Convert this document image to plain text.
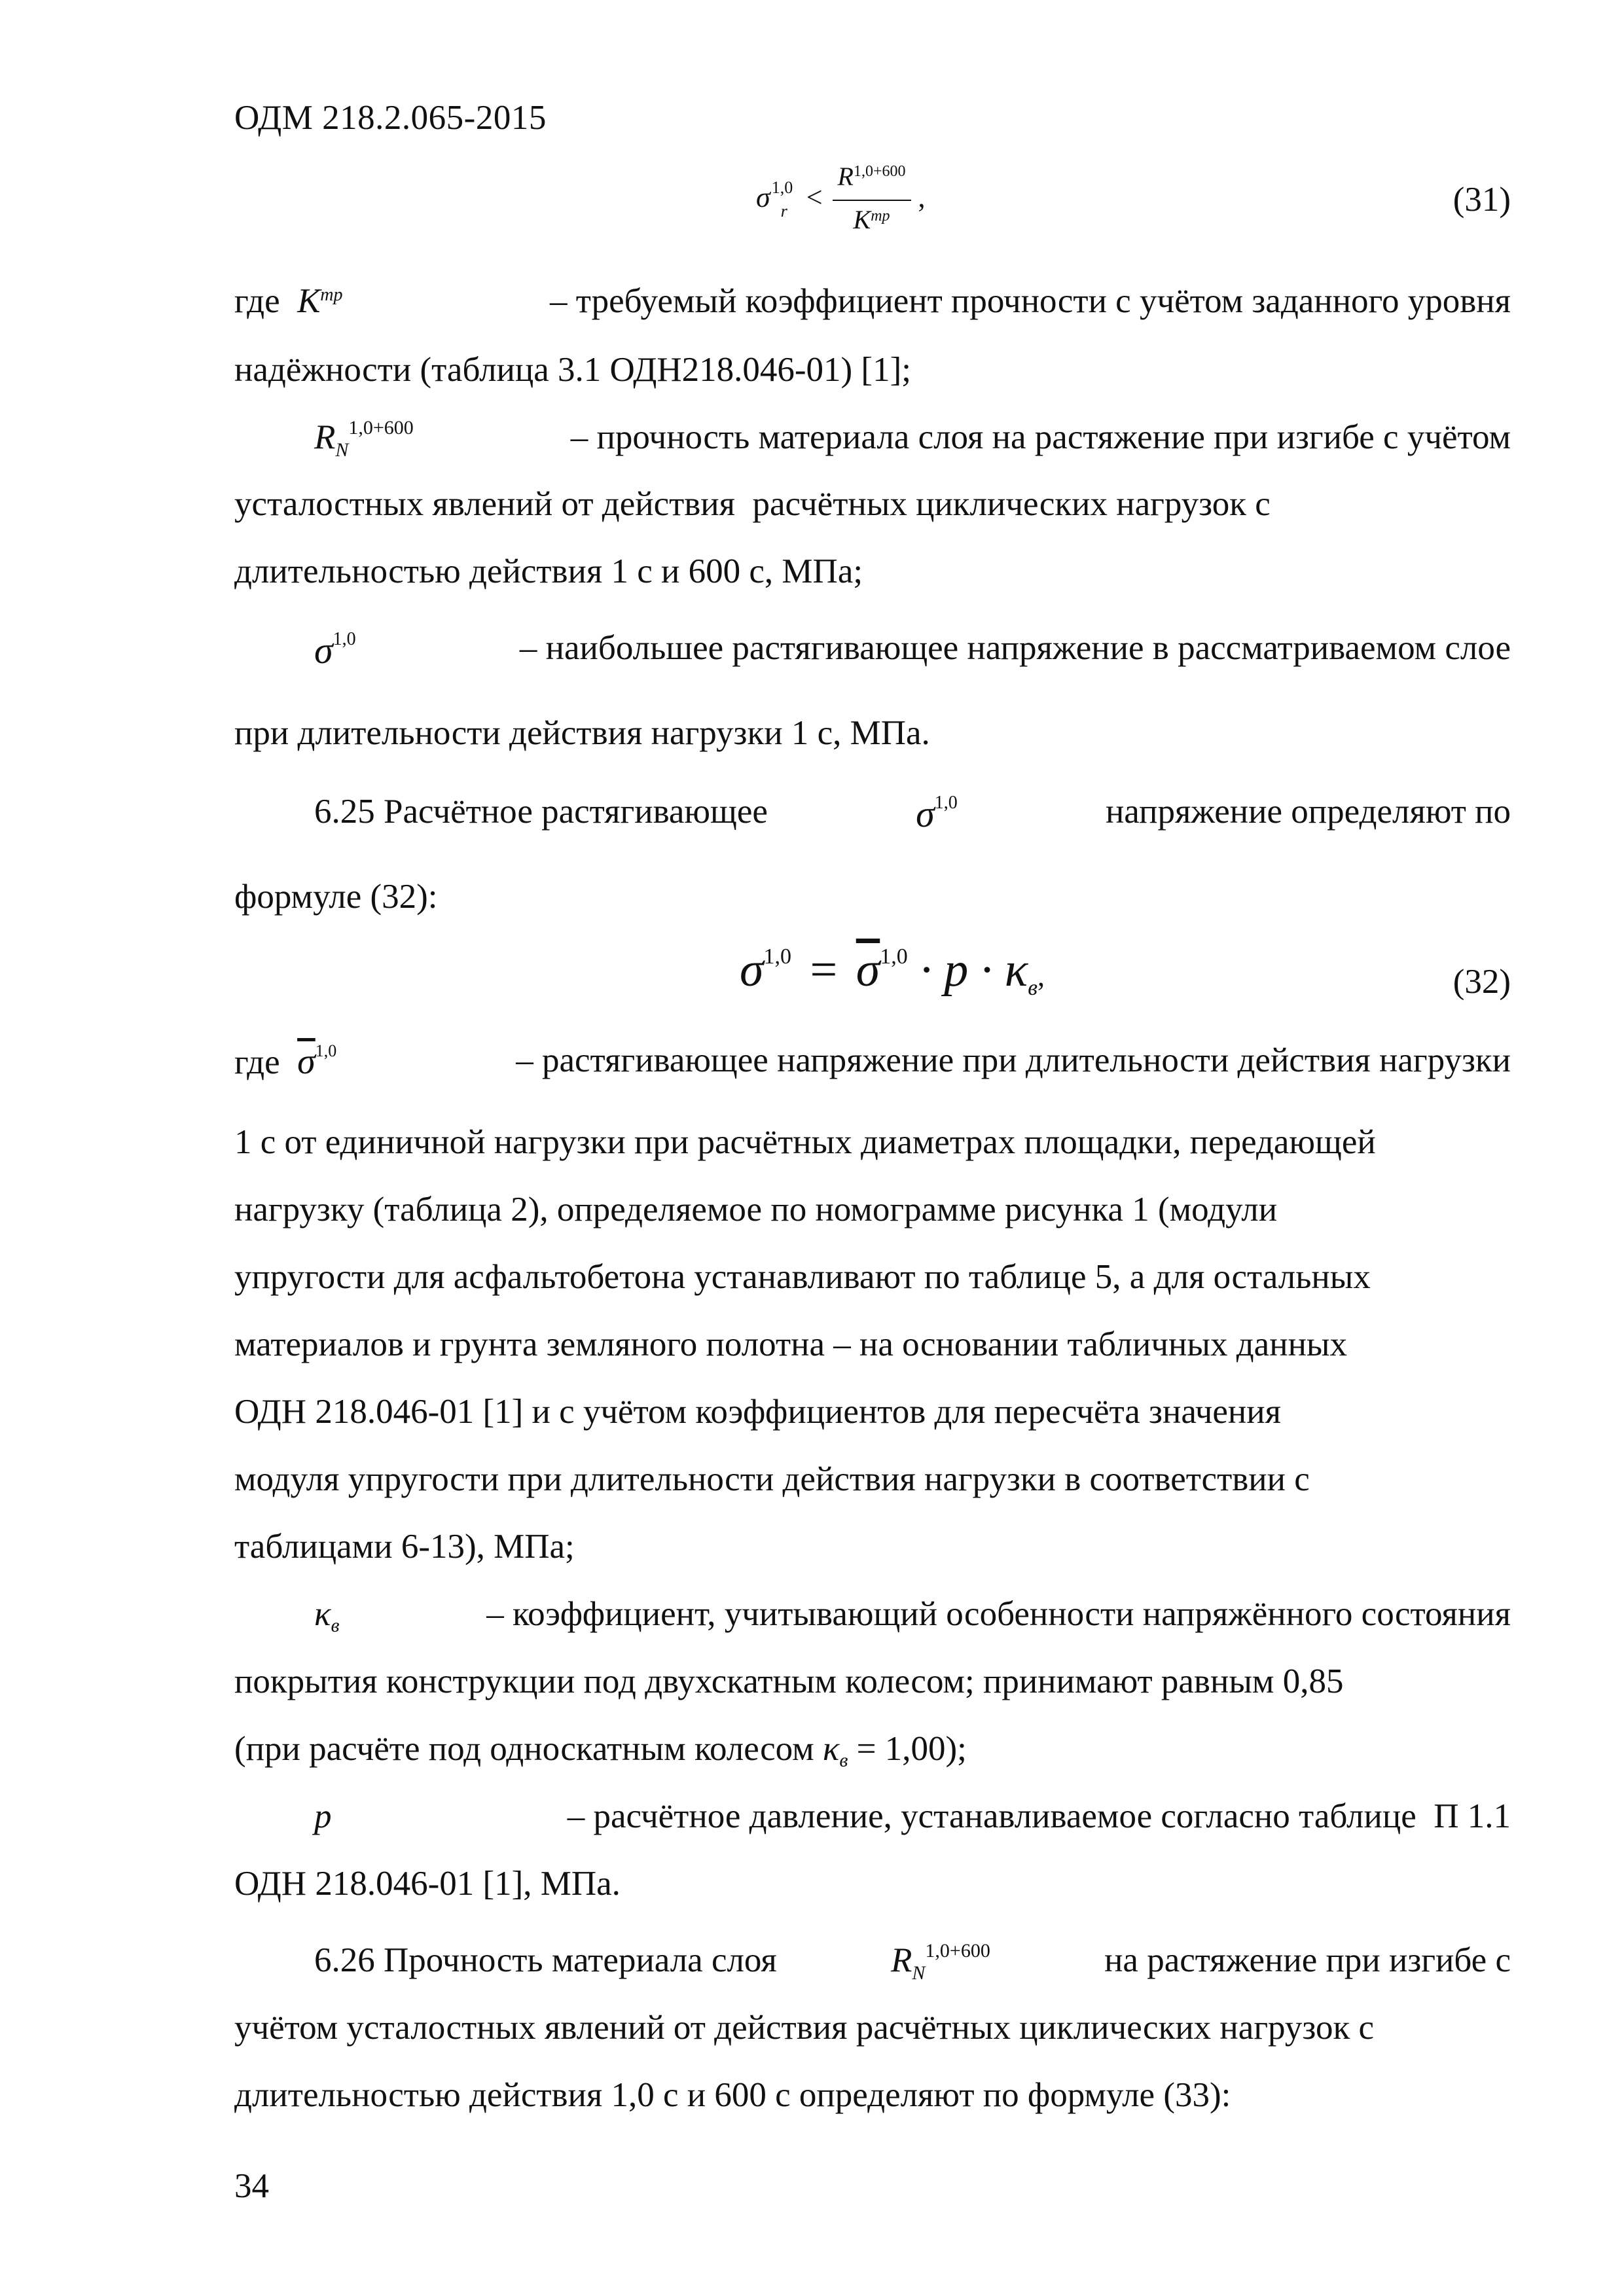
ОДМ 218.2.065-2015
σ 1,0
$r < \frac{R^{1,0+600}}{K^{тр}}$ ,	(31)
где $К^{тр}$	– требуемый коэффициент прочности с учётом заданного уровня
надёжности (таблица 3.1 ОДН218.046-01) [1];
$R_N^{1,0+600}$	– прочность материала слоя на растяжение при изгибе с учётом
усталостных явлений от действия  расчётных циклических нагрузок с
длительностью действия 1 с и 600 с, МПа;
$\sigma^{1,0}$	– наибольшее растягивающее напряжение в рассматриваемом слое
при длительности действия нагрузки 1 с, МПа.
6.25 Расчётное растягивающее	$\sigma^{1,0}$	напряжение определяют по
формуле (32):
$\sigma^{1,0} = \overline{\sigma}^{1,0} \cdot p \cdot \kappa в$,	(32)
где $\overline{\sigma}^{1,0}$	– растягивающее напряжение при длительности действия нагрузки
1 с от единичной нагрузки при расчётных диаметрах площадки, передающей
нагрузку (таблица 2), определяемое по номограмме рисунка 1 (модули
упругости для асфальтобетона устанавливают по таблице 5, а для остальных
материалов и грунта земляного полотна – на основании табличных данных
ОДН 218.046-01 [1] и с учётом коэффициентов для пересчёта значения
модуля упругости при длительности действия нагрузки в соответствии с
таблицами 6-13), МПа;
κв	– коэффициент, учитывающий особенности напряжённого состояния
покрытия конструкции под двухскатным колесом; принимают равным 0,85
(при расчёте под односкатным колесом κв = 1,00);
p	– расчётное давление, устанавливаемое согласно таблице  П 1.1
ОДН 218.046-01 [1], МПа.
6.26 Прочность материала слоя	$R_N^{1,0+600}$	на растяжение при изгибе с
учётом усталостных явлений от действия расчётных циклических нагрузок с
длительностью действия 1,0 с и 600 с определяют по формуле (33):
34
